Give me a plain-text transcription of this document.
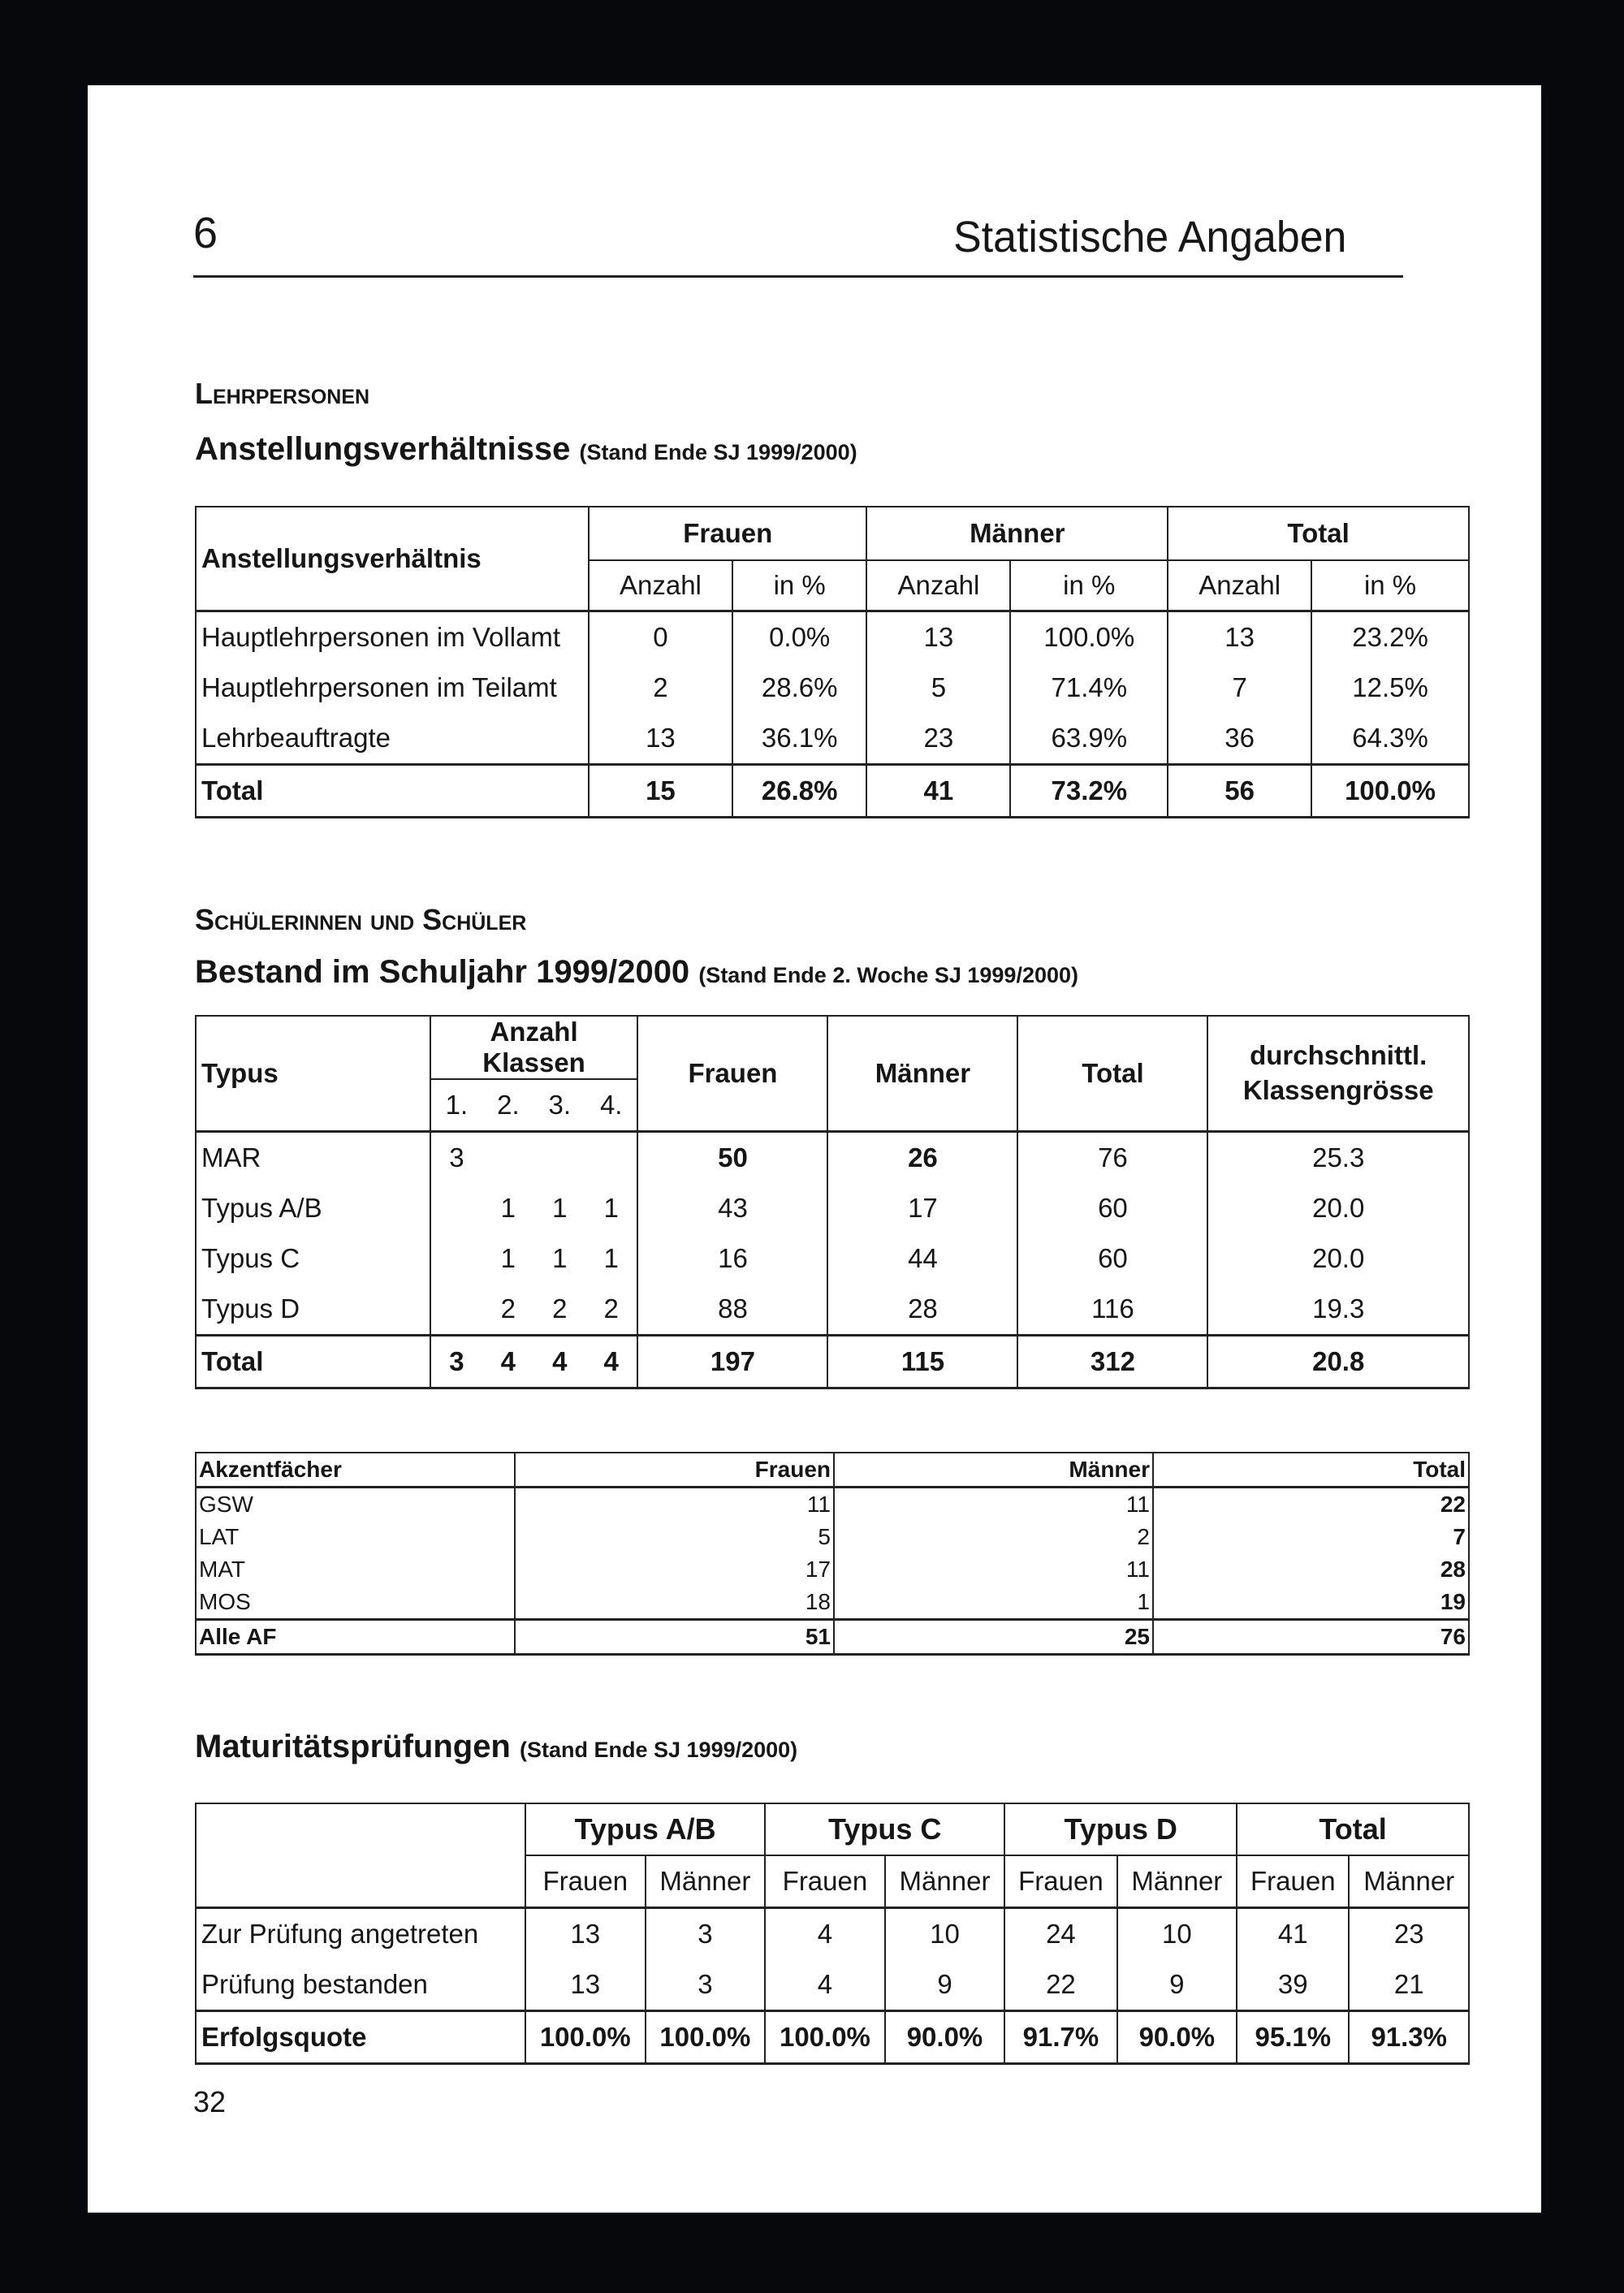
6	Statistische Angaben
Lehrpersonen
Anstellungsverhältnisse (Stand Ende SJ 1999/2000)
Anstellungsverhältnis	Frauen		Männer		Total	
	Anzahl	in %	Anzahl	in %	Anzahl	in %
Hauptlehrpersonen im Vollamt	0	0.0%	13	100.0%	13	23.2%
Hauptlehrpersonen im Teilamt	2	28.6%	5	71.4%	7	12.5%
Lehrbeauftragte	13	36.1%	23	63.9%	36	64.3%
Total	15	26.8%	41	73.2%	56	100.0%
Schülerinnen und Schüler
Bestand im Schuljahr 1999/2000 (Stand Ende 2. Woche SJ 1999/2000)
Typus	Anzahl Klassen				Frauen	Männer	Total	durchschnittl.
Klassengrösse

	1.	2.	3.	4.				
MAR	3				50	26	76	25.3
Typus A/B		1	1	1	43	17	60	20.0
Typus C		1	1	1	16	44	60	20.0
Typus D		2	2	2	88	28	116	19.3
Total	3	4	4	4	197	115	312	20.8
Akzentfächer	Frauen	Männer	Total
GSW	11	11	22
LAT	5	2	7
MAT	17	11	28
MOS	18	1	19
Alle AF	51	25	76
Maturitätsprüfungen (Stand Ende SJ 1999/2000)
	Typus A/B		Typus C		Typus D		Total	
	Frauen	Männer	Frauen	Männer	Frauen	Männer	Frauen	Männer
Zur Prüfung angetreten	13	3	4	10	24	10	41	23
Prüfung bestanden	13	3	4	9	22	9	39	21
Erfolgsquote	100.0%	100.0%	100.0%	90.0%	91.7%	90.0%	95.1%	91.3%
32
